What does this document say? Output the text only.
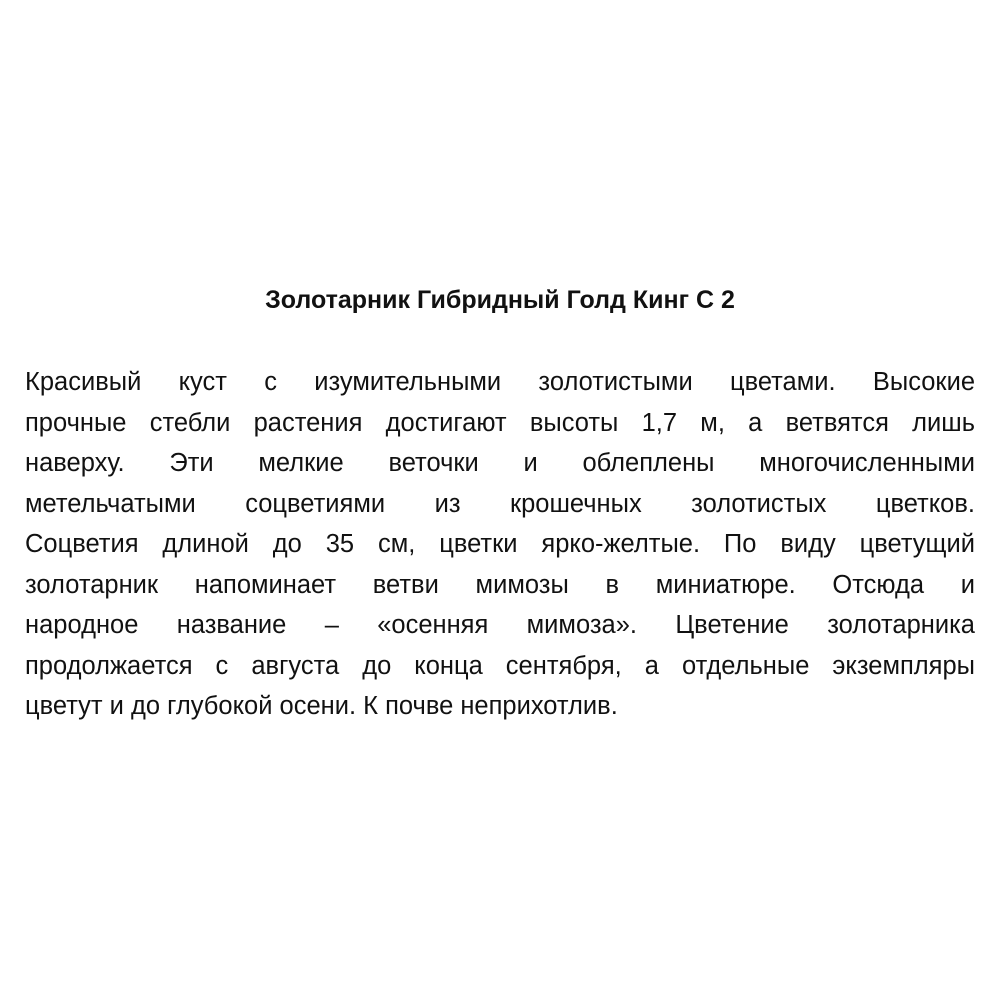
Золотарник Гибридный Голд Кинг С 2
Красивый куст с изумительными золотистыми цветами. Высокие
прочные стебли растения достигают высоты 1,7 м, а ветвятся лишь
наверху. Эти мелкие веточки и облеплены многочисленными
метельчатыми соцветиями из крошечных золотистых цветков.
Соцветия длиной до 35 см, цветки ярко-желтые. По виду цветущий
золотарник напоминает ветви мимозы в миниатюре. Отсюда и
народное название – «осенняя мимоза». Цветение золотарника
продолжается с августа до конца сентября, а отдельные экземпляры
цветут и до глубокой осени. К почве неприхотлив.
